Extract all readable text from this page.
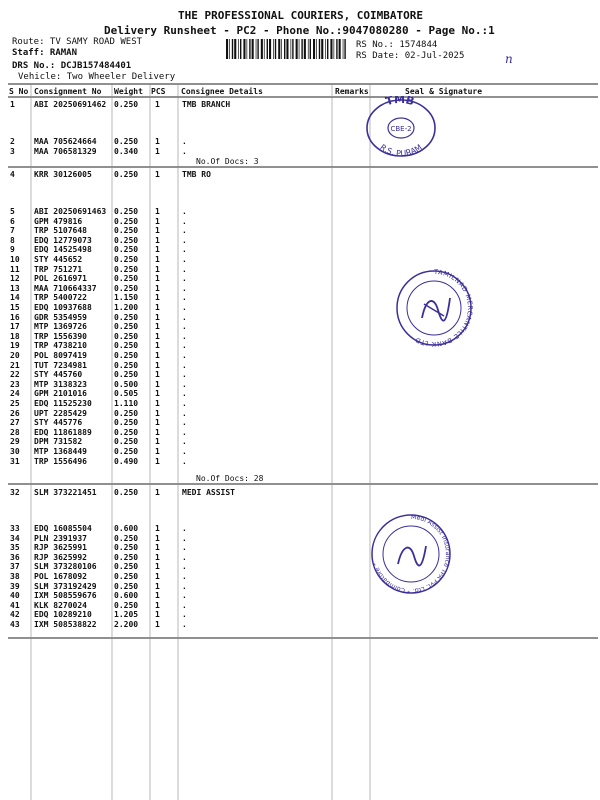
THE PROFESSIONAL COURIERS, COIMBATORE
Delivery Runsheet - PC2 - Phone No.:9047080280 - Page No.:1
Route: TV SAMY ROAD WEST
Staff: RAMAN
DRS No.: DCJB157484401
Vehicle: Two Wheeler Delivery
RS No.: 1574844
RS Date: 02-Jul-2025	n
S No Consignment No Weight PCS Consignee Details	Remarks	Seal & Signature
1 ABI 20250691462 0.250 1	TMB BRANCH
2 MAA 705624664 0.250 1	.
3 MAA 706581329 0.340 1	.
4 KRR 30126005	0.250 1	TMB RO
5 ABI 20250691463 0.250 1	.
6 GPM 479816	0.250 1	.
7 TRP 5107648	0.250 1	.
8 EDQ 12779073	0.250 1	.
9 EDQ 14525498	0.250 1	.
10 STY 445652	0.250 1	.
11 TRP 751271	0.250 1	.
12 POL 2616971	0.250 1	.
13 MAA 710664337 0.250 1	.
14 TRP 5400722	1.150 1	.
15 EDQ 10937688	1.200 1	.
16 GDR 5354959	0.250 1	.
17 MTP 1369726	0.250 1	.
18 TRP 1556390	0.250 1	.
19 TRP 4738210	0.250 1	.
20 POL 8097419	0.250 1	.
21 TUT 7234981	0.250 1	.
22 STY 445760	0.250 1	.
23 MTP 3138323	0.500 1	.
24 GPM 2101016	0.505 1	.
25 EDQ 11525230	1.110 1	.
26 UPT 2285429	0.250 1	.
27 STY 445776	0.250 1	.
28 EDQ 11861889	0.250 1	.
29 DPM 731582	0.250 1	.
30 MTP 1368449	0.250 1	.
31 TRP 1556496	0.490 1	.
32 SLM 373221451 0.250 1	MEDI ASSIST
33 EDQ 16085504	0.600 1	.
34 PLN 2391937	0.250 1	.
35 RJP 3625991	0.250 1	.
36 RJP 3625992	0.250 1	.
37 SLM 373280106 0.250 1	.
38 POL 1678092	0.250 1	.
39 SLM 373192429 0.250 1	.
40 IXM 508559676 0.600 1	.
41 KLK 8270024	0.250 1	.
42 EDQ 10289210	1.205 1	.
43 IXM 508538822 2.200 1	.
No.Of Docs: 3
No.Of Docs: 28
TMB
CBE-2
R.S. PURAM
TAMILNAD MERCANTILE BANK LTD
Medi Assist Insurance TPA Pvt. Ltd. * Coimbatore *
